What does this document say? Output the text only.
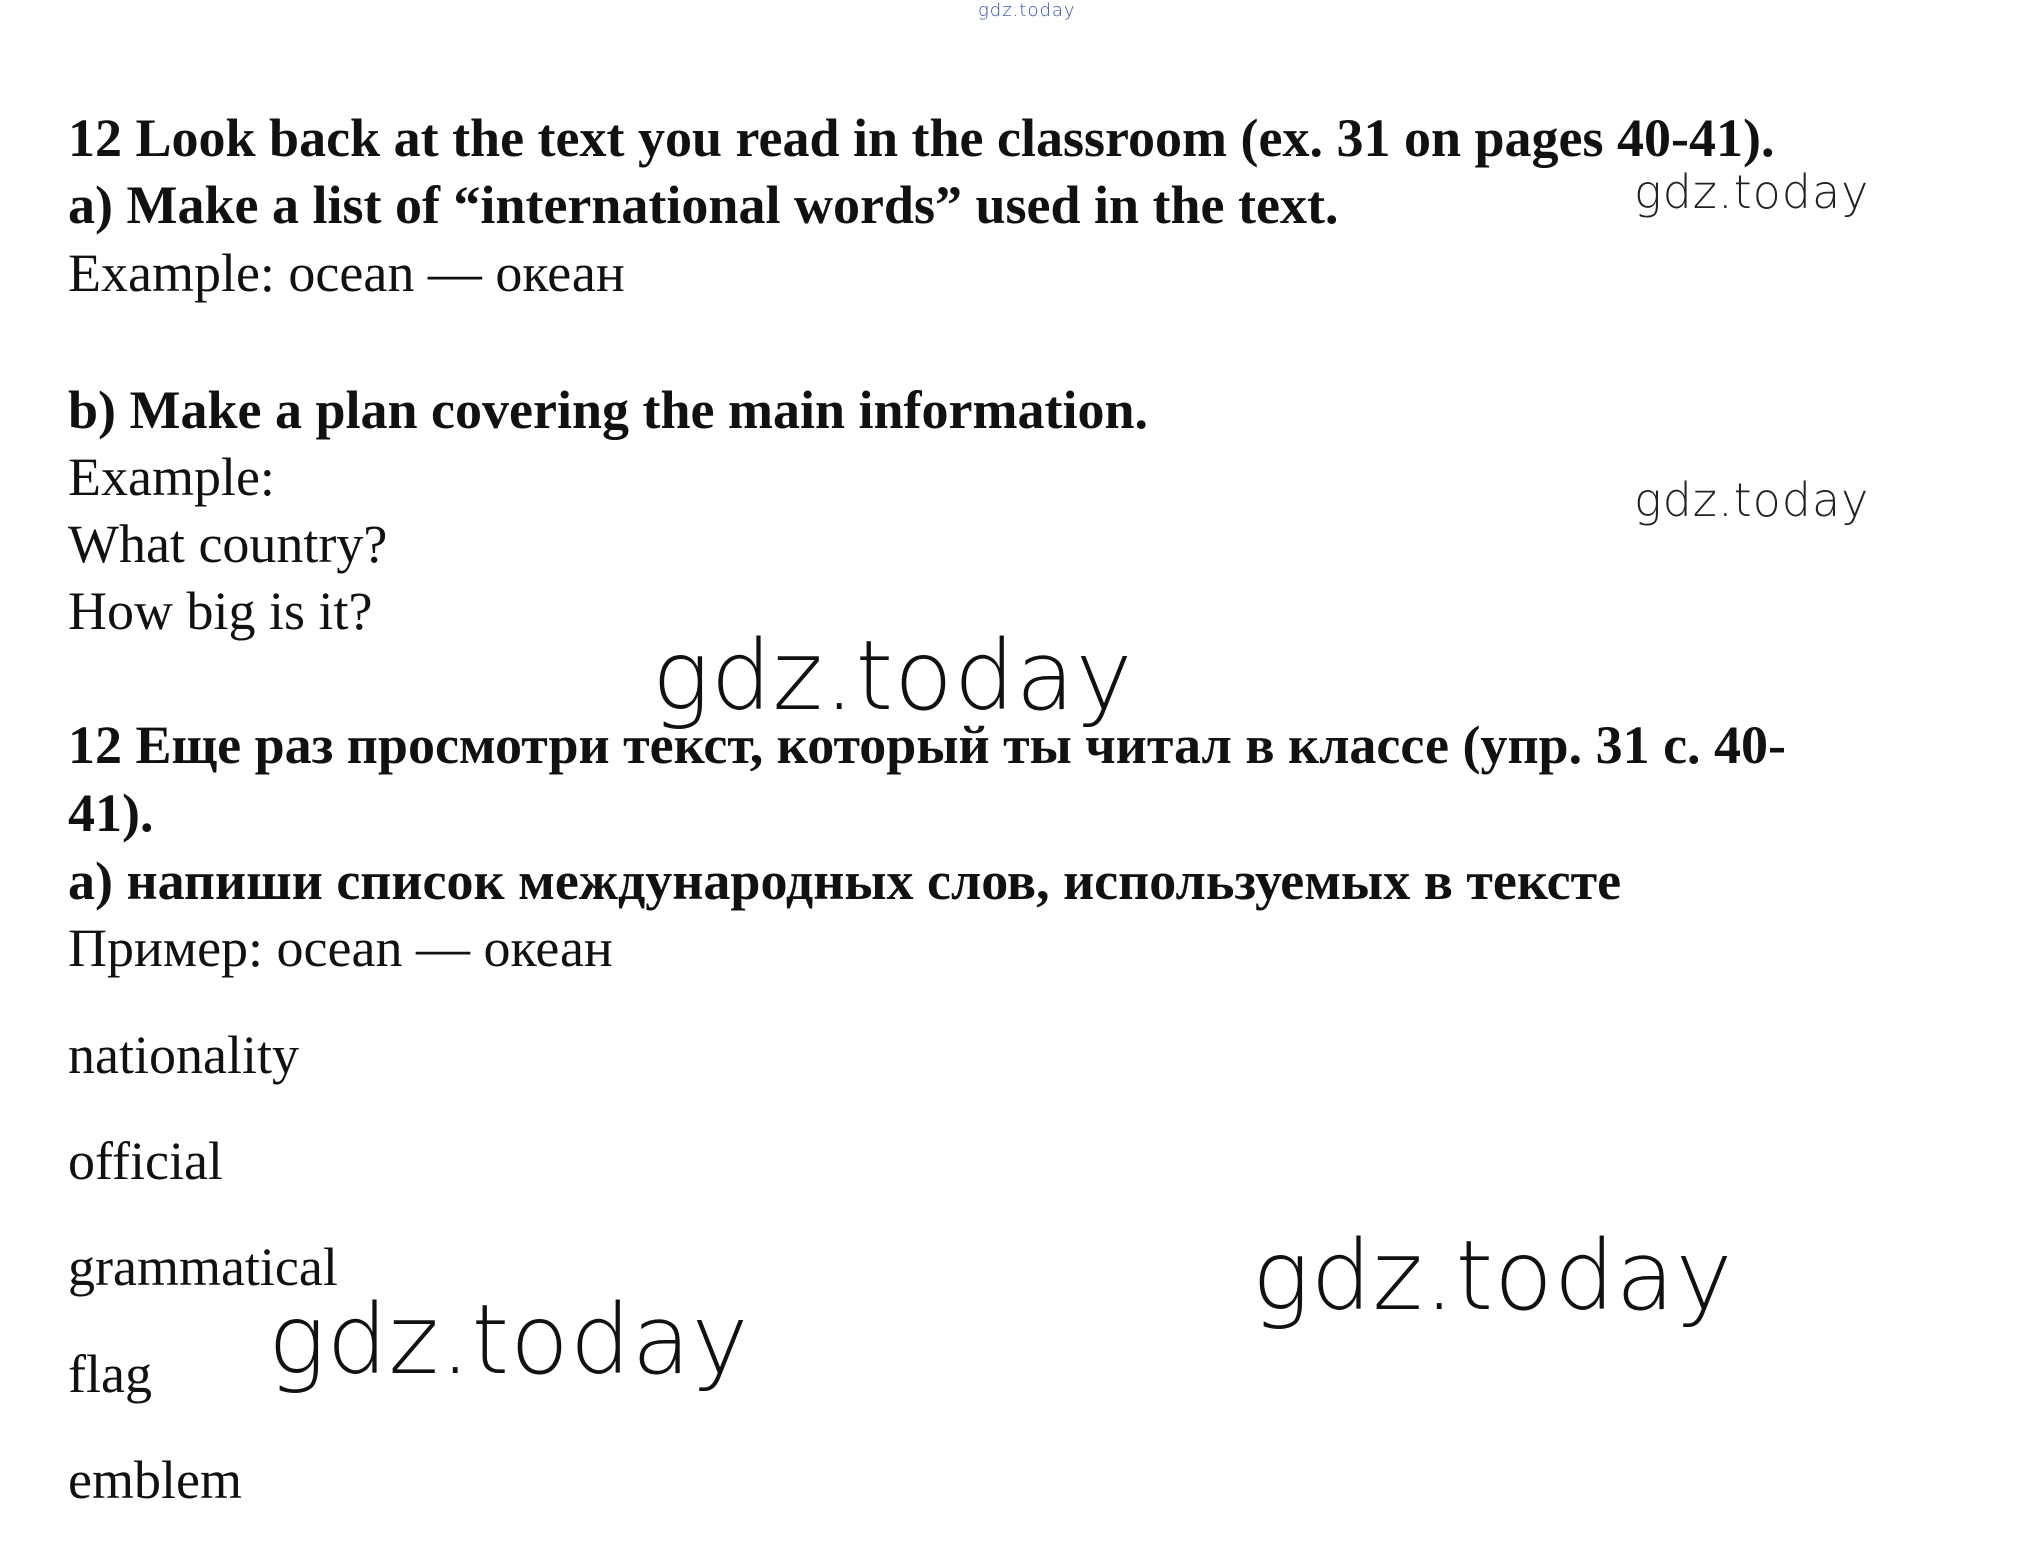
gdz.today
gdz.today
gdz.today
gdz.today
gdz.today
gdz.today
12 Look back at the text you read in the classroom (ex. 31 on pages 40-41).
a) Make a list of “international words” used in the text.
Example: ocean — океан
b) Make a plan covering the main information.
Example:
What country?
How big is it?
12 Еще раз просмотри текст, который ты читал в классе (упр. 31 с. 40-
41).
a) напиши список международных слов, используемых в тексте
Пример: ocean — океан
nationality
official
grammatical
flag
emblem
